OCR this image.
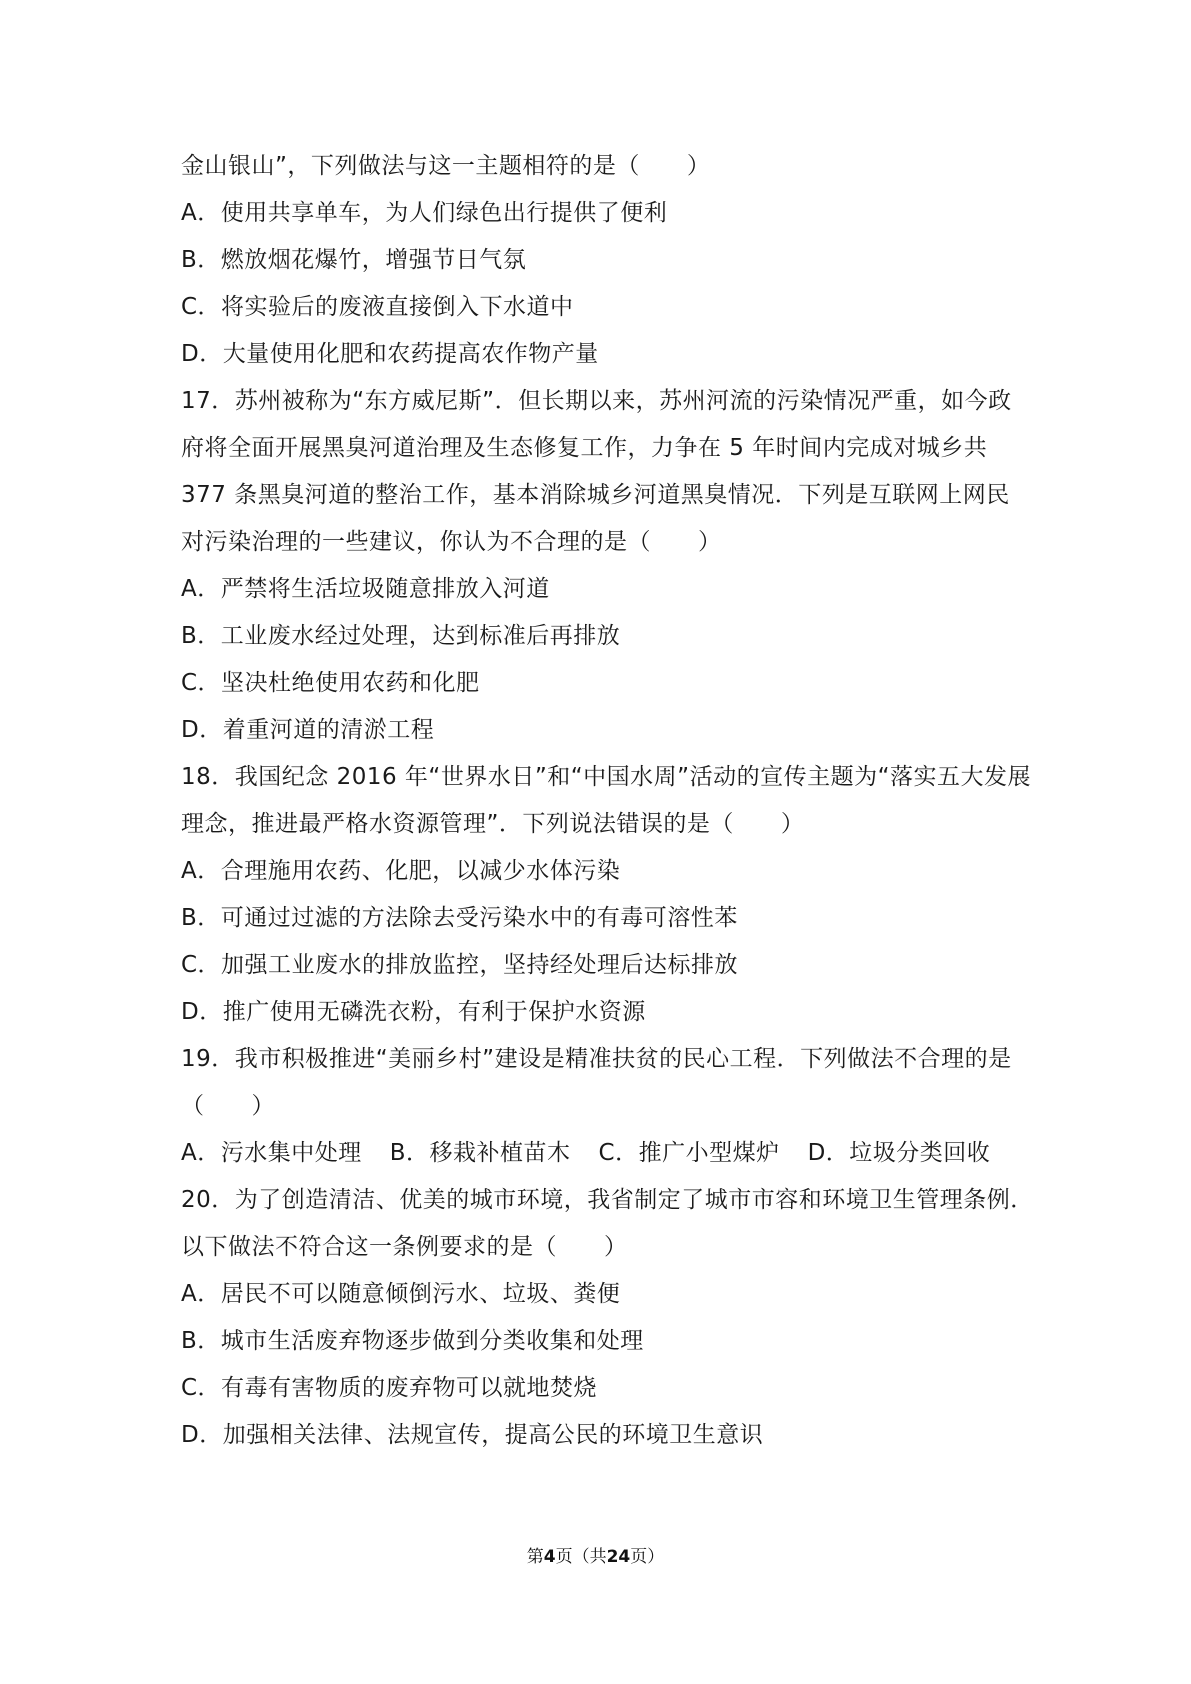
金山银山”，下列做法与这一主题相符的是（　　）
A．使用共享单车，为人们绿色出行提供了便利
B．燃放烟花爆竹，增强节日气氛
C．将实验后的废液直接倒入下水道中
D．大量使用化肥和农药提高农作物产量
17．苏州被称为“东方威尼斯”．但长期以来，苏州河流的污染情况严重，如今政
府将全面开展黑臭河道治理及生态修复工作，力争在 5 年时间内完成对城乡共
377 条黑臭河道的整治工作，基本消除城乡河道黑臭情况．下列是互联网上网民
对污染治理的一些建议，你认为不合理的是（　　）
A．严禁将生活垃圾随意排放入河道
B．工业废水经过处理，达到标准后再排放
C．坚决杜绝使用农药和化肥
D．着重河道的清淤工程
18．我国纪念 2016 年“世界水日”和“中国水周”活动的宣传主题为“落实五大发展
理念，推进最严格水资源管理”．下列说法错误的是（　　）
A．合理施用农药、化肥，以减少水体污染
B．可通过过滤的方法除去受污染水中的有毒可溶性苯
C．加强工业废水的排放监控，坚持经处理后达标排放
D．推广使用无磷洗衣粉，有利于保护水资源
19．我市积极推进“美丽乡村”建设是精准扶贫的民心工程．下列做法不合理的是
（　　）
A．污水集中处理 B．移栽补植苗木 C．推广小型煤炉 D．垃圾分类回收
20．为了创造清洁、优美的城市环境，我省制定了城市市容和环境卫生管理条例．
以下做法不符合这一条例要求的是（　　）
A．居民不可以随意倾倒污水、垃圾、粪便
B．城市生活废弃物逐步做到分类收集和处理
C．有毒有害物质的废弃物可以就地焚烧
D．加强相关法律、法规宣传，提高公民的环境卫生意识
第4页（共24页）
